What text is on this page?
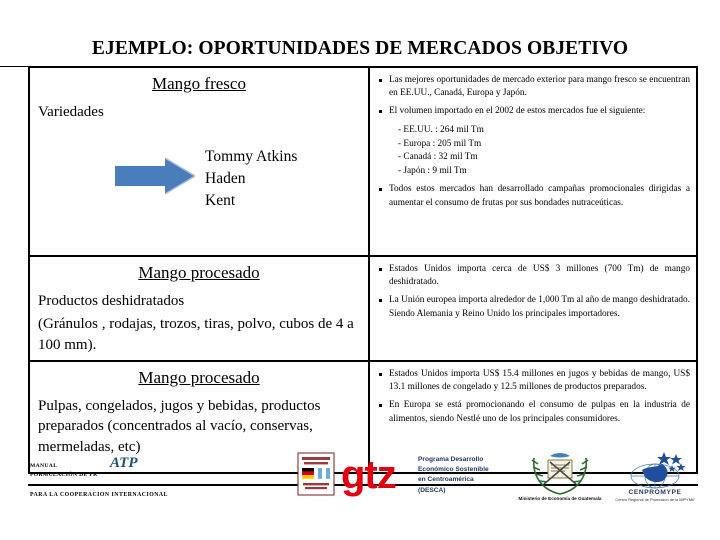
EJEMPLO: OPORTUNIDADES DE MERCADOS OBJETIVO
Mango fresco
Variedades
Tommy Atkins
Haden
Kent
Las mejores oportunidades de mercado exterior para mango fresco se encuentran en EE.UU., Canadá, Europa y Japón.
El volumen importado en el 2002 de estos mercados fue el siguiente:
- EE.UU. : 264 mil Tm
- Europa : 205 mil Tm
- Canadá : 32 mil Tm
- Japón : 9 mil Tm
Todos estos mercados han desarrollado campañas promocionales dirigidas a aumentar el consumo de frutas por sus bondades nutraceúticas.
Mango procesado
Productos deshidratados
(Gránulos , rodajas, trozos, tiras, polvo, cubos de 4 a 100 mm).
Estados Unidos importa cerca de US$ 3 millones (700 Tm) de mango deshidratado.
La Unión europea importa alrededor de 1,000 Tm al año de mango deshidratado. Siendo Alemania y Reino Unido los principales importadores.
Mango procesado
Pulpas, congelados, jugos y bebidas, productos preparados (concentrados al vacío, conservas, mermeladas, etc)
Estados Unidos importa US$ 15.4 millones en jugos y bebidas de mango, US$ 13.1 millones de congelado y 12.5 millones de productos preparados.
En Europa se está promocionando el consumo de pulpas en la industria de alimentos, siendo Nestlé uno de los principales consumidores.
MANUAL
FORMULACIÓN DE PR
ATP
PARA LA COOPERACION INTERNACIONAL	gtz	Programa Desarrollo
Económico Sostenible
en Centroamérica
(DESCA)
Ministerio de Economía de Guatemala
CENPROMYPE
Centro Regional de Promoción de la MIPYME
